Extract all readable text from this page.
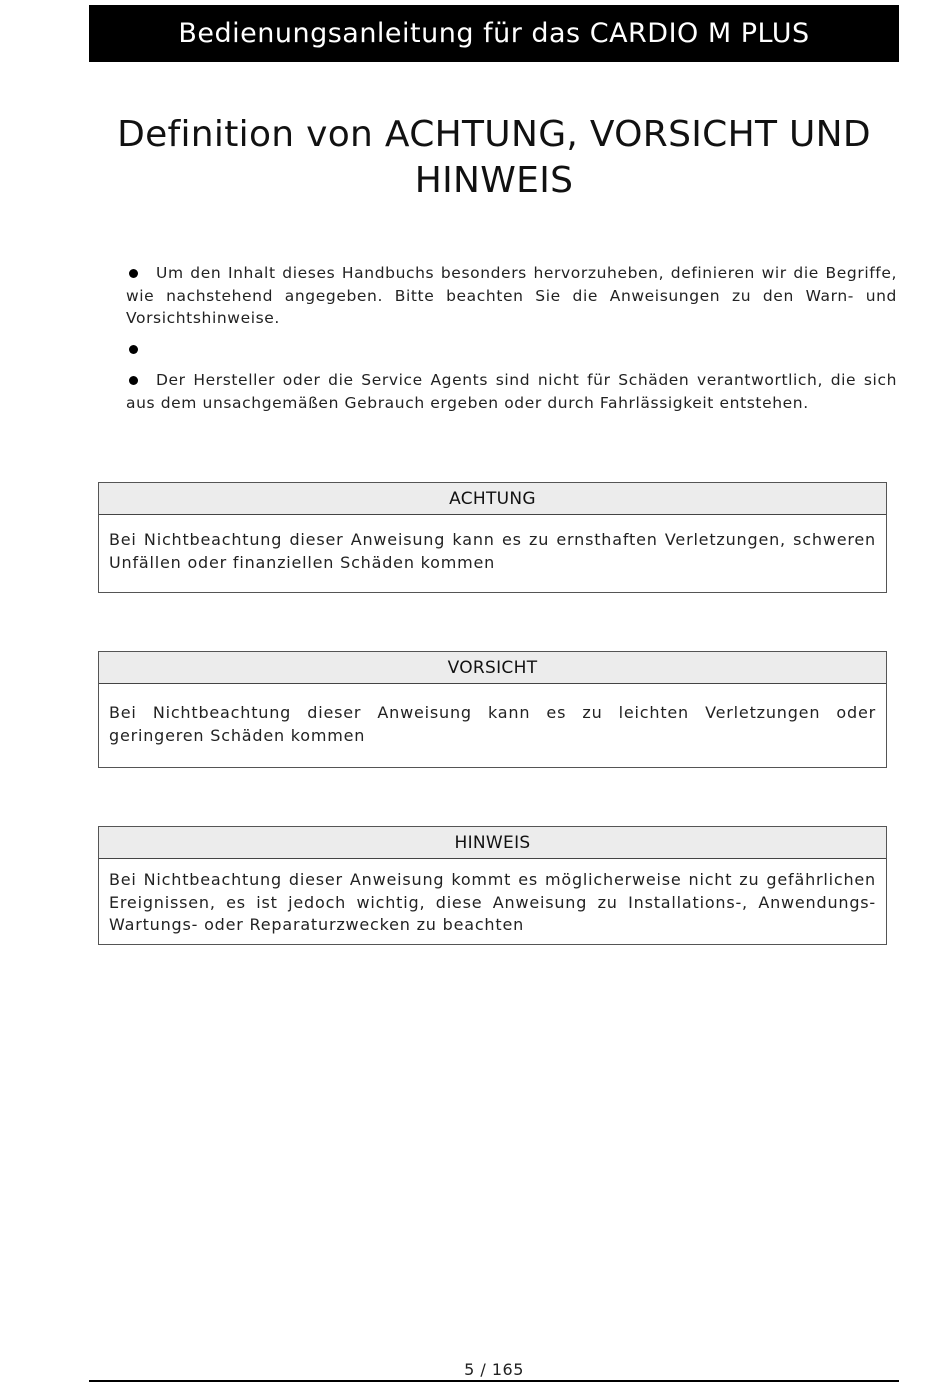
Bedienungsanleitung für das CARDIO M PLUS
Definition von ACHTUNG, VORSICHT UND HINWEIS

Um den Inhalt dieses Handbuchs besonders hervorzuheben, definieren wir die Begriffe, wie nachstehend angegeben. Bitte beachten Sie die Anweisungen zu den Warn- und Vorsichtshinweise.

Der Hersteller oder die Service Agents sind nicht für Schäden verantwortlich, die sich aus dem unsachgemäßen Gebrauch ergeben oder durch Fahrlässigkeit entstehen.

ACHTUNG
Bei Nichtbeachtung dieser Anweisung kann es zu ernsthaften Verletzungen, schweren Unfällen oder finanziellen Schäden kommen
VORSICHT
Bei Nichtbeachtung dieser Anweisung kann es zu leichten Verletzungen oder geringeren Schäden kommen
HINWEIS
Bei Nichtbeachtung dieser Anweisung kommt es möglicherweise nicht zu gefährlichen Ereignissen, es ist jedoch wichtig, diese Anweisung zu Installations-, Anwendungs-Wartungs- oder Reparaturzwecken zu beachten
5 / 165
